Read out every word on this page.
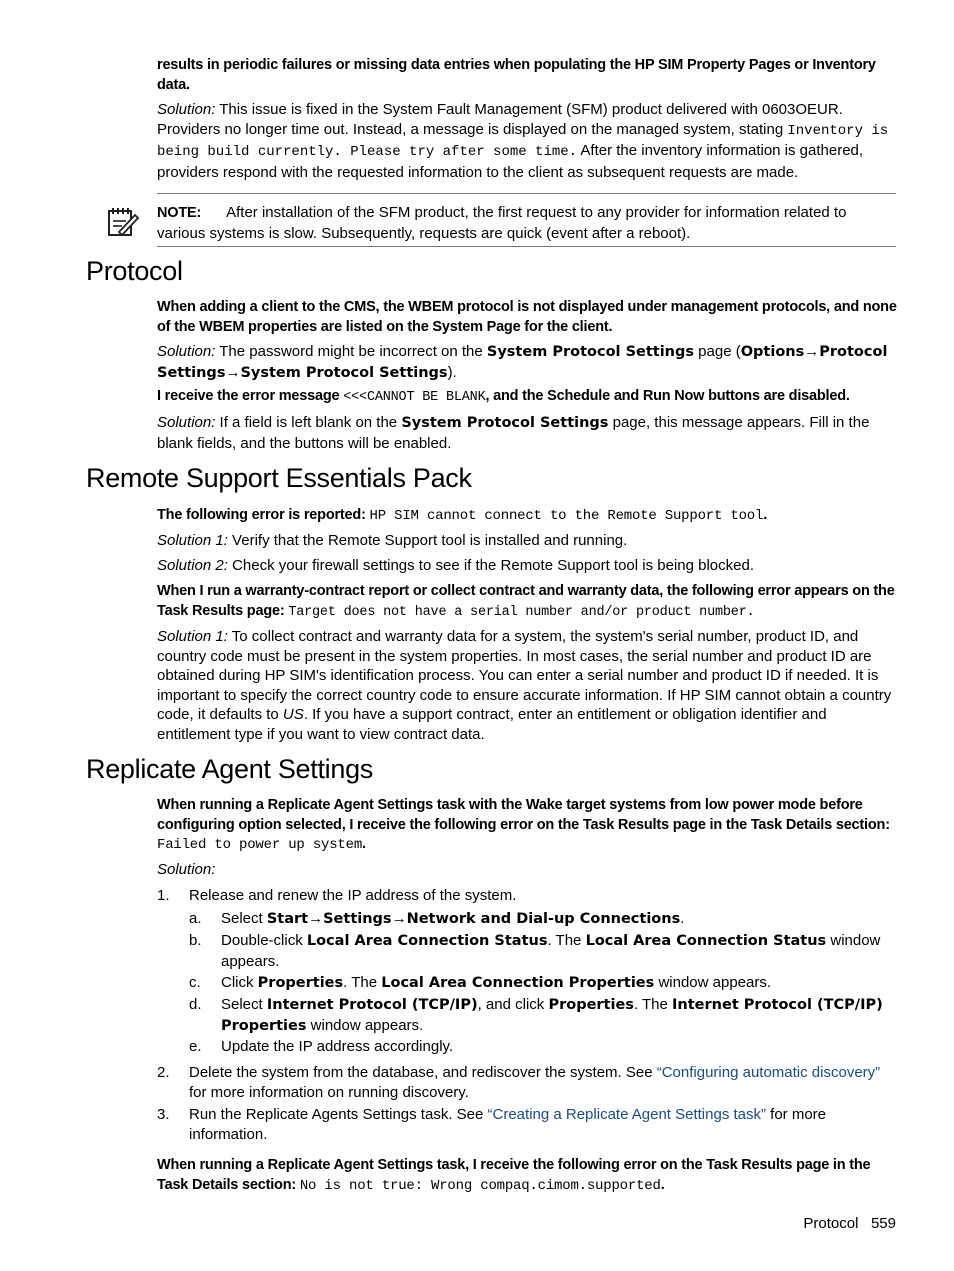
results in periodic failures or missing data entries when populating the HP SIM Property Pages or Inventory data.
Solution: This issue is fixed in the System Fault Management (SFM) product delivered with 0603OEUR. Providers no longer time out. Instead, a message is displayed on the managed system, stating Inventory is being build currently. Please try after some time. After the inventory information is gathered, providers respond with the requested information to the client as subsequent requests are made.
NOTE: After installation of the SFM product, the first request to any provider for information related to various systems is slow. Subsequently, requests are quick (event after a reboot).
Protocol
When adding a client to the CMS, the WBEM protocol is not displayed under management protocols, and none of the WBEM properties are listed on the System Page for the client.
Solution: The password might be incorrect on the System Protocol Settings page (Options→Protocol Settings→System Protocol Settings).
I receive the error message <<<CANNOT BE BLANK, and the Schedule and Run Now buttons are disabled.
Solution: If a field is left blank on the System Protocol Settings page, this message appears. Fill in the blank fields, and the buttons will be enabled.
Remote Support Essentials Pack
The following error is reported: HP SIM cannot connect to the Remote Support tool.
Solution 1: Verify that the Remote Support tool is installed and running.
Solution 2: Check your firewall settings to see if the Remote Support tool is being blocked.
When I run a warranty-contract report or collect contract and warranty data, the following error appears on the Task Results page: Target does not have a serial number and/or product number.
Solution 1: To collect contract and warranty data for a system, the system's serial number, product ID, and country code must be present in the system properties. In most cases, the serial number and product ID are obtained during HP SIM's identification process. You can enter a serial number and product ID if needed. It is important to specify the correct country code to ensure accurate information. If HP SIM cannot obtain a country code, it defaults to US. If you have a support contract, enter an entitlement or obligation identifier and entitlement type if you want to view contract data.
Replicate Agent Settings
When running a Replicate Agent Settings task with the Wake target systems from low power mode before configuring option selected, I receive the following error on the Task Results page in the Task Details section: Failed to power up system.
Solution:
1.	Release and renew the IP address of the system.
a. Select Start→Settings→Network and Dial-up Connections.
b. Double-click Local Area Connection Status. The Local Area Connection Status window appears.
c. Click Properties. The Local Area Connection Properties window appears.
d. Select Internet Protocol (TCP/IP), and click Properties. The Internet Protocol (TCP/IP) Properties window appears.
e. Update the IP address accordingly.
2. Delete the system from the database, and rediscover the system. See “Configuring automatic discovery” for more information on running discovery.
3. Run the Replicate Agents Settings task. See “Creating a Replicate Agent Settings task” for more information.
When running a Replicate Agent Settings task, I receive the following error on the Task Results page in the Task Details section: No is not true: Wrong compaq.cimom.supported.
Protocol 559
